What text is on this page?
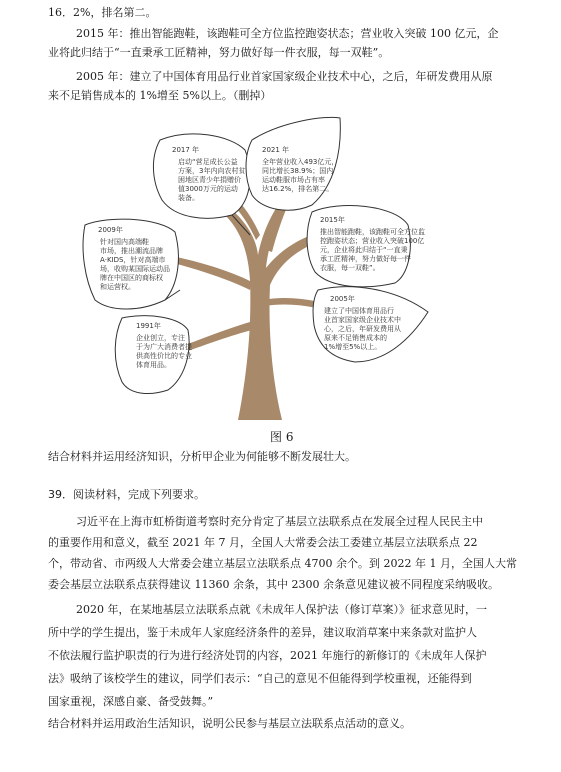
16．2%，排名第二。
2015 年：推出智能跑鞋，该跑鞋可全方位监控跑姿状态；营业收入突破 100 亿元，企
业将此归结于“一直秉承工匠精神，努力做好每一件衣服，每一双鞋”。
2005 年：建立了中国体育用品行业首家国家级企业技术中心，之后，年研发费用从原
来不足销售成本的 1%增至 5%以上。（删掉）
2017 年
启动“营足成长公益
方案，3年内向农村贫
困地区青少年捐赠价
值3000万元的运动
装备。
2021 年
全年营业收入493亿元，
同比增长38.9%；国内
运动鞋服市场占有率
达16.2%，排名第二。
2009年
针对国内高端鞋
市场，推出潮流品牌
A·KIDS，针对高端市
场，收购某国际运动品
牌在中国区的商标权
和运营权。
2015年
推出智能跑鞋，该跑鞋可全方位监
控跑姿状态；营业收入突破100亿
元，企业将此归结于“一直秉
承工匠精神，努力做好每一件
衣服，每一双鞋”。
2005年
建立了中国体育用品行
业首家国家级企业技术中
心，之后，年研发费用从
原来不足销售成本的
1%增至5%以上。
1991年
企业创立，专注
于为广大消费者提
供高性价比的专业
体育用品。
图 6
结合材料并运用经济知识，分析甲企业为何能够不断发展壮大。
39．阅读材料，完成下列要求。
习近平在上海市虹桥街道考察时充分肯定了基层立法联系点在发展全过程人民民主中
的重要作用和意义，截至 2021 年 7 月，全国人大常委会法工委建立基层立法联系点 22
个，带动省、市两级人大常委会建立基层立法联系点 4700 余个。到 2022 年 1 月，全国人大常
委会基层立法联系点获得建议 11360 余条，其中 2300 余条意见建议被不同程度采纳吸收。
2020 年，在某地基层立法联系点就《未成年人保护法（修订草案）》征求意见时，一
所中学的学生提出，鉴于未成年人家庭经济条件的差异，建议取消草案中来条款对监护人
不依法履行监护职责的行为进行经济处罚的内容，2021 年施行的新修订的《未成年人保护
法》吸纳了该校学生的建议，同学们表示：“自己的意见不但能得到学校重视，还能得到
国家重视，深感自豪、备受鼓舞。”
结合材料并运用政治生活知识，说明公民参与基层立法联系点活动的意义。
